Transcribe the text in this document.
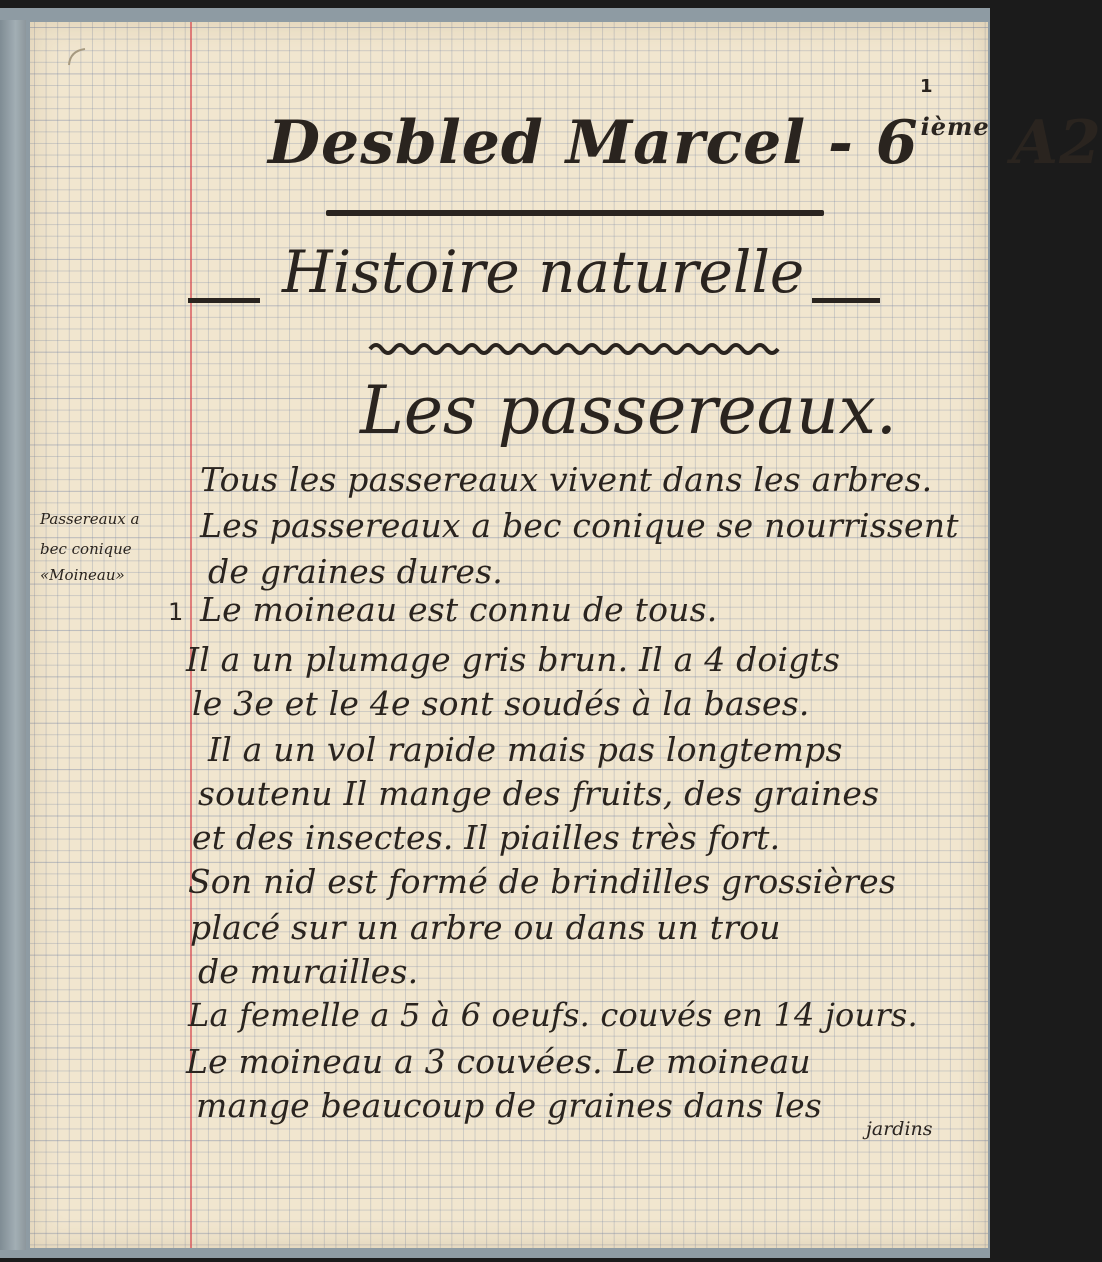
1
Desbled Marcel - 6ième A2
Histoire naturelle
Les passereaux.
Passereaux a
bec conique
«Moineau»
1
Tous les passereaux vivent dans les arbres.
Les passereaux a bec conique se nourrissent
de graines dures.
Le moineau est connu de tous.
Il a un plumage gris brun. Il a 4 doigts
le 3e et le 4e sont soudés à la bases.
Il a un vol rapide mais pas longtemps
soutenu Il mange des fruits, des graines
et des insectes. Il piailles très fort.
Son nid est formé de brindilles grossières
placé sur un arbre ou dans un trou
de murailles.
La femelle a 5 à 6 oeufs. couvés en 14 jours.
Le moineau a 3 couvées. Le moineau
mange beaucoup de graines dans les
jardins
